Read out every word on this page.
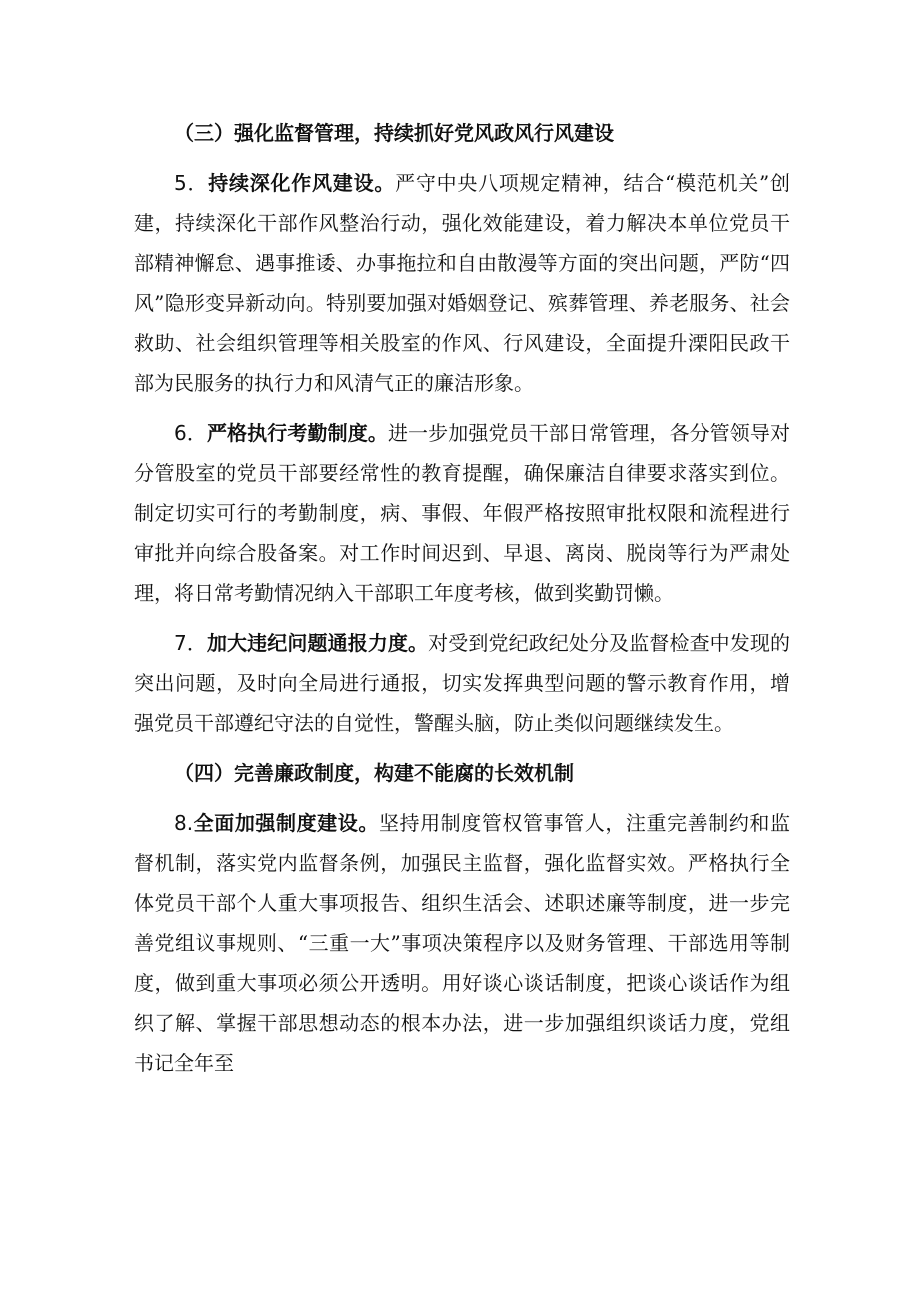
（三）强化监督管理，持续抓好党风政风行风建设

5．持续深化作风建设。严守中央八项规定精神，结合“模范机关”创建，持续深化干部作风整治行动，强化效能建设，着力解决本单位党员干部精神懈怠、遇事推诿、办事拖拉和自由散漫等方面的突出问题，严防“四风”隐形变异新动向。特别要加强对婚姻登记、殡葬管理、养老服务、社会救助、社会组织管理等相关股室的作风、行风建设，全面提升溧阳民政干部为民服务的执行力和风清气正的廉洁形象。

6．严格执行考勤制度。进一步加强党员干部日常管理，各分管领导对分管股室的党员干部要经常性的教育提醒，确保廉洁自律要求落实到位。制定切实可行的考勤制度，病、事假、年假严格按照审批权限和流程进行审批并向综合股备案。对工作时间迟到、早退、离岗、脱岗等行为严肃处理，将日常考勤情况纳入干部职工年度考核，做到奖勤罚懒。

7．加大违纪问题通报力度。对受到党纪政纪处分及监督检查中发现的突出问题，及时向全局进行通报，切实发挥典型问题的警示教育作用，增强党员干部遵纪守法的自觉性，警醒头脑，防止类似问题继续发生。

（四）完善廉政制度，构建不能腐的长效机制

8.全面加强制度建设。坚持用制度管权管事管人，注重完善制约和监督机制，落实党内监督条例，加强民主监督，强化监督实效。严格执行全体党员干部个人重大事项报告、组织生活会、述职述廉等制度，进一步完善党组议事规则、“三重一大”事项决策程序以及财务管理、干部选用等制度，做到重大事项必须公开透明。用好谈心谈话制度，把谈心谈话作为组织了解、掌握干部思想动态的根本办法，进一步加强组织谈话力度，党组书记全年至
